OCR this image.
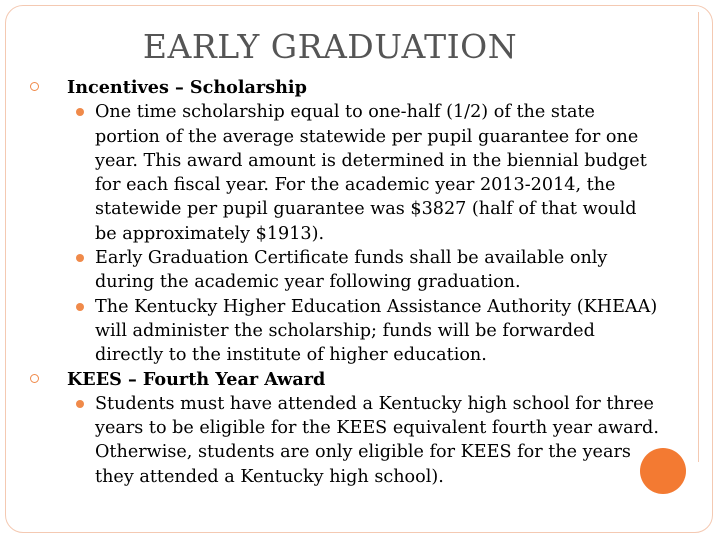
EARLY GRADUATION
Incentives – Scholarship
One time scholarship equal to one-half (1/2) of the state portion of the average statewide per pupil guarantee for one year. This award amount is determined in the biennial budget for each fiscal year. For the academic year 2013-2014, the statewide per pupil guarantee was $3827 (half of that would be approximately $1913).
Early Graduation Certificate funds shall be available only during the academic year following graduation.
The Kentucky Higher Education Assistance Authority (KHEAA) will administer the scholarship; funds will be forwarded directly to the institute of higher education.
KEES – Fourth Year Award
Students must have attended a Kentucky high school for three years to be eligible for the KEES equivalent fourth year award. Otherwise, students are only eligible for KEES for the years they attended a Kentucky high school).
